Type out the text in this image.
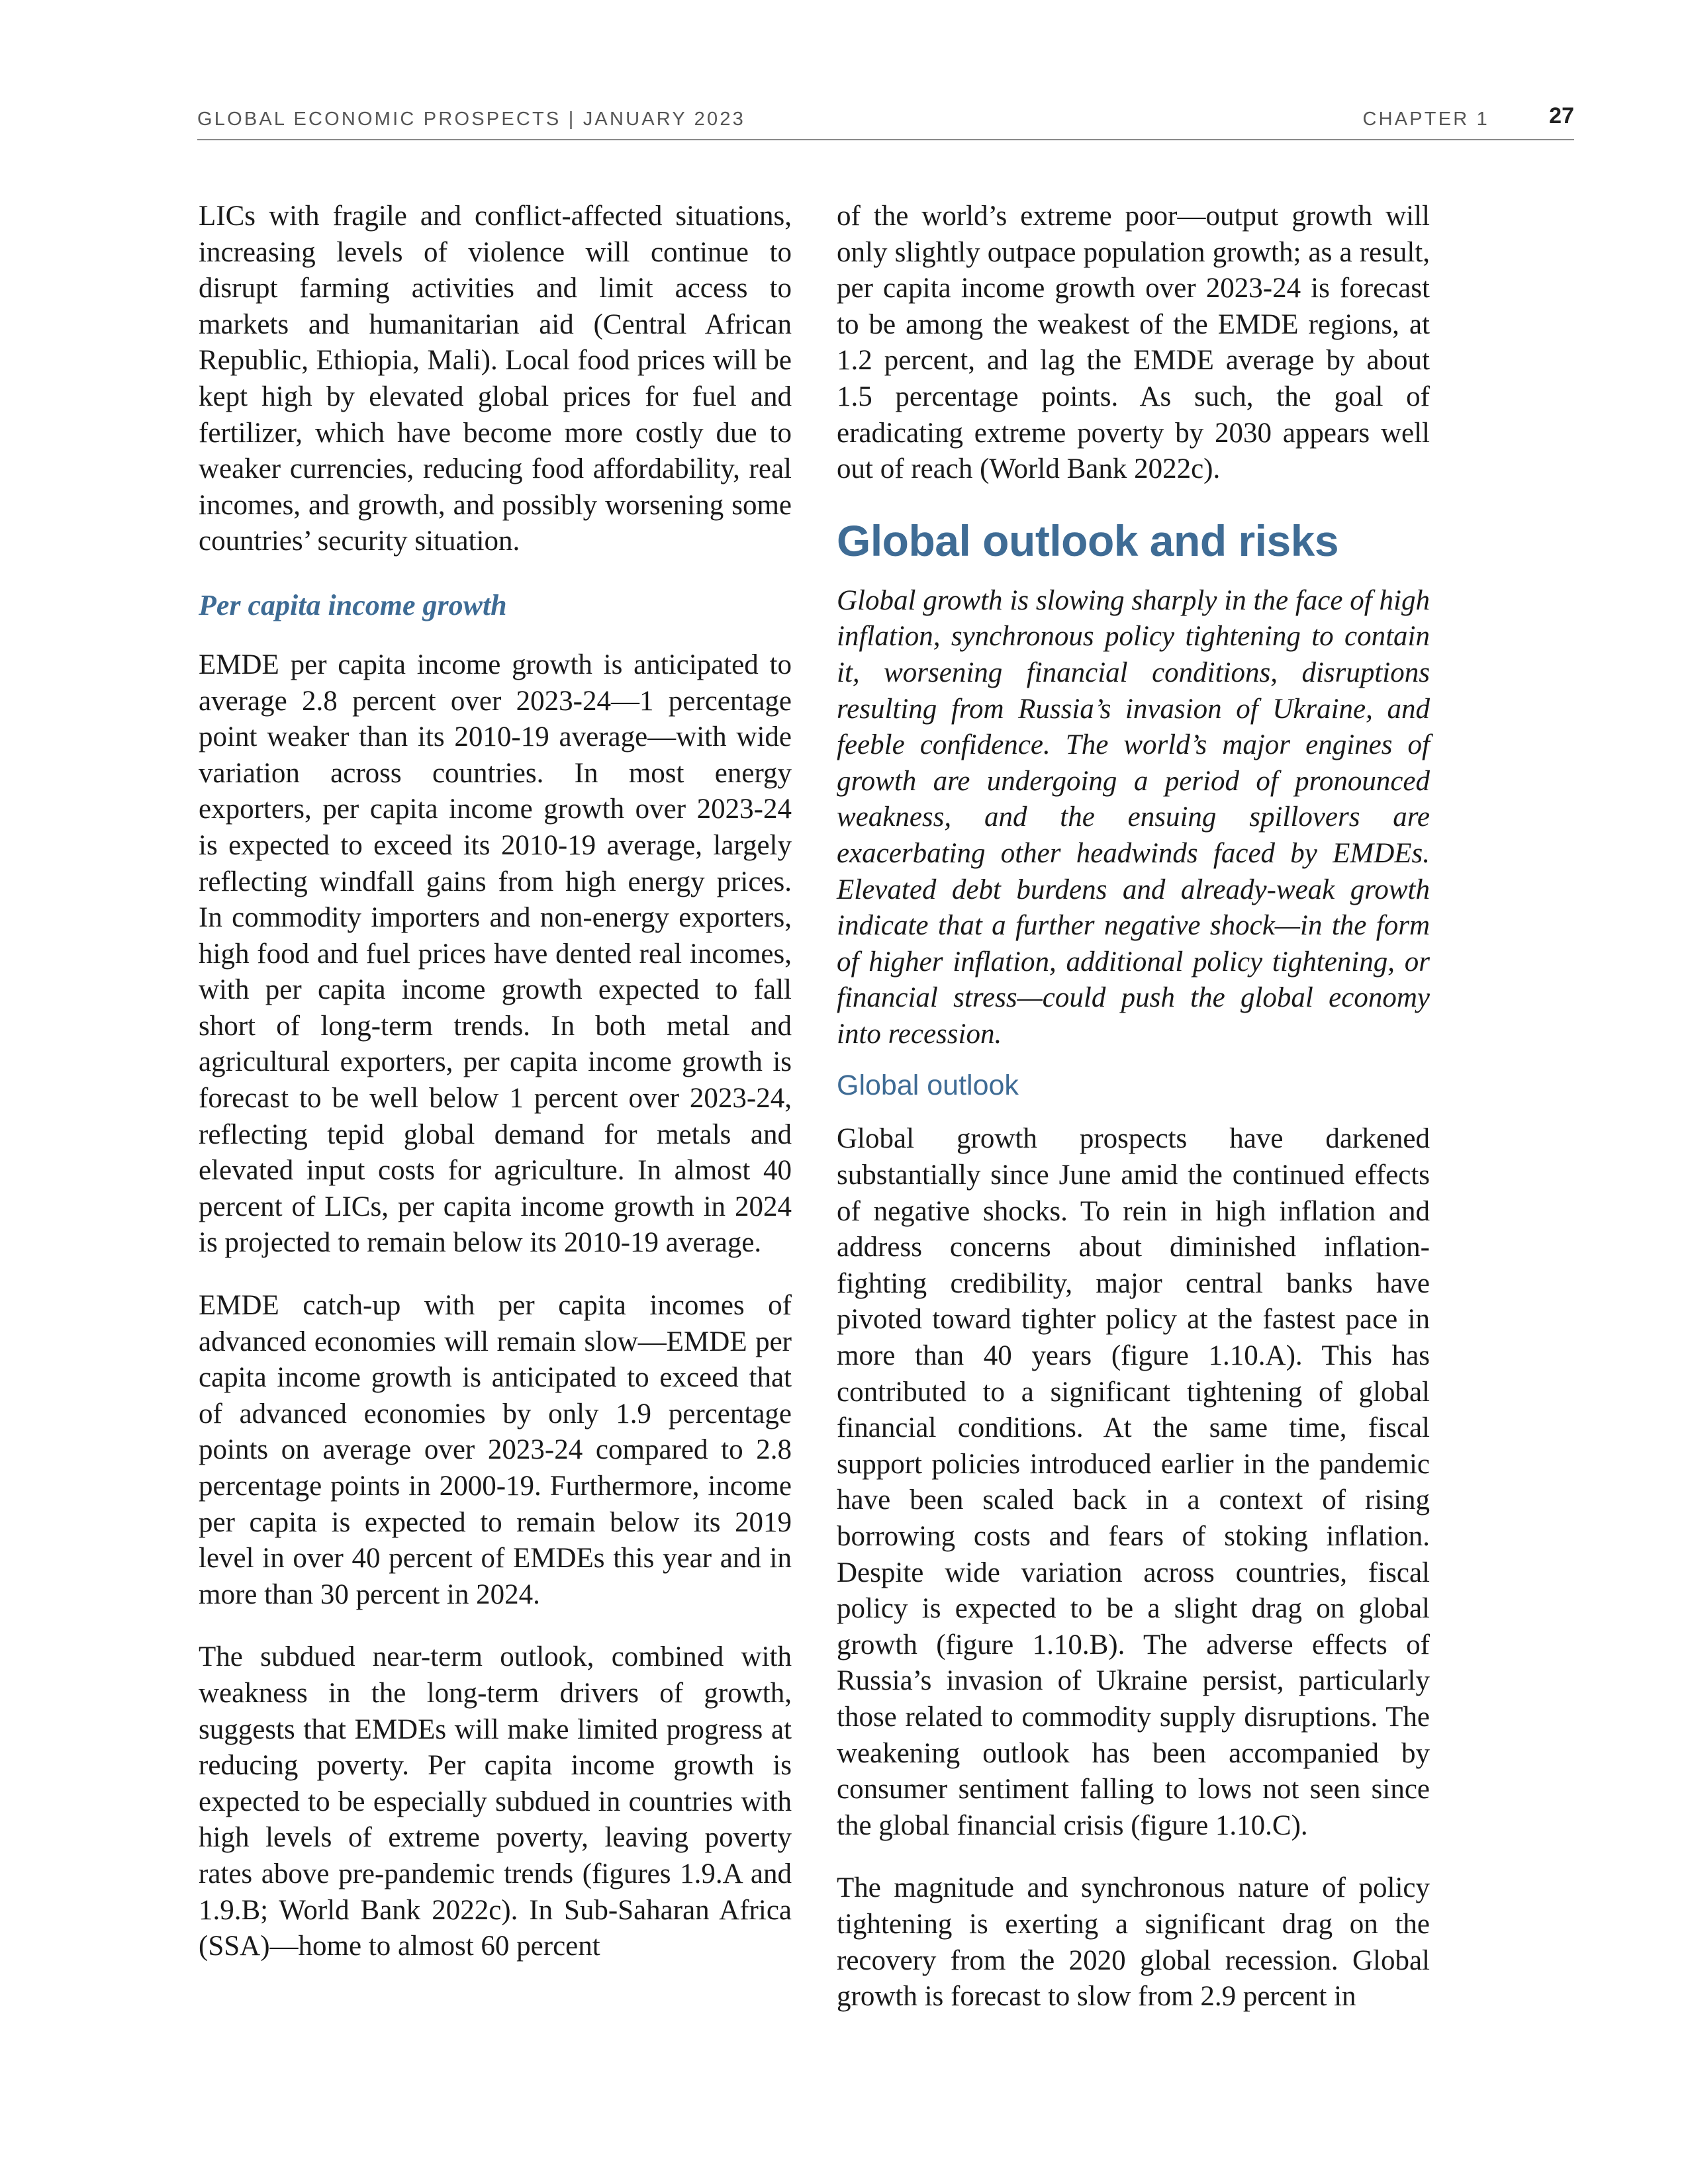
GLOBAL ECONOMIC PROSPECTS | JANUARY 2023	CHAPTER 1	27

LICs with fragile and conflict-affected situations, increasing levels of violence will continue to disrupt farming activities and limit access to markets and humanitarian aid (Central African Republic, Ethiopia, Mali). Local food prices will be kept high by elevated global prices for fuel and fertilizer, which have become more costly due to weaker currencies, reducing food affordability, real incomes, and growth, and possibly worsening some countries’ security situation.

Per capita income growth

EMDE per capita income growth is anticipated to average 2.8 percent over 2023-24—1 percentage point weaker than its 2010-19 average—with wide variation across countries. In most energy exporters, per capita income growth over 2023-24 is expected to exceed its 2010-19 average, largely reflecting windfall gains from high energy prices. In commodity importers and non-energy exporters, high food and fuel prices have dented real incomes, with per capita income growth expected to fall short of long-term trends. In both metal and agricultural exporters, per capita income growth is forecast to be well below 1 percent over 2023-24, reflecting tepid global demand for metals and elevated input costs for agriculture. In almost 40 percent of LICs, per capita income growth in 2024 is projected to remain below its 2010-19 average.

EMDE catch-up with per capita incomes of advanced economies will remain slow—EMDE per capita income growth is anticipated to exceed that of advanced economies by only 1.9 percentage points on average over 2023-24 compared to 2.8 percentage points in 2000-19. Furthermore, income per capita is expected to remain below its 2019 level in over 40 percent of EMDEs this year and in more than 30 percent in 2024.

The subdued near-term outlook, combined with weakness in the long-term drivers of growth, suggests that EMDEs will make limited progress at reducing poverty. Per capita income growth is expected to be especially subdued in countries with high levels of extreme poverty, leaving poverty rates above pre-pandemic trends (figures 1.9.A and 1.9.B; World Bank 2022c). In Sub-Saharan Africa (SSA)—home to almost 60 percent

of the world’s extreme poor—output growth will only slightly outpace population growth; as a result, per capita income growth over 2023-24 is forecast to be among the weakest of the EMDE regions, at 1.2 percent, and lag the EMDE average by about 1.5 percentage points. As such, the goal of eradicating extreme poverty by 2030 appears well out of reach (World Bank 2022c).

Global outlook and risks

Global growth is slowing sharply in the face of high inflation, synchronous policy tightening to contain it, worsening financial conditions, disruptions resulting from Russia’s invasion of Ukraine, and feeble confidence. The world’s major engines of growth are undergoing a period of pronounced weakness, and the ensuing spillovers are exacerbating other headwinds faced by EMDEs. Elevated debt burdens and already-weak growth indicate that a further negative shock—in the form of higher inflation, additional policy tightening, or financial stress—could push the global economy into recession.

Global outlook

Global growth prospects have darkened substantially since June amid the continued effects of negative shocks. To rein in high inflation and address concerns about diminished inflation-fighting credibility, major central banks have pivoted toward tighter policy at the fastest pace in more than 40 years (figure 1.10.A). This has contributed to a significant tightening of global financial conditions. At the same time, fiscal support policies introduced earlier in the pandemic have been scaled back in a context of rising borrowing costs and fears of stoking inflation. Despite wide variation across countries, fiscal policy is expected to be a slight drag on global growth (figure 1.10.B). The adverse effects of Russia’s invasion of Ukraine persist, particularly those related to commodity supply disruptions. The weakening outlook has been accompanied by consumer sentiment falling to lows not seen since the global financial crisis (figure 1.10.C).

The magnitude and synchronous nature of policy tightening is exerting a significant drag on the recovery from the 2020 global recession. Global growth is forecast to slow from 2.9 percent in
